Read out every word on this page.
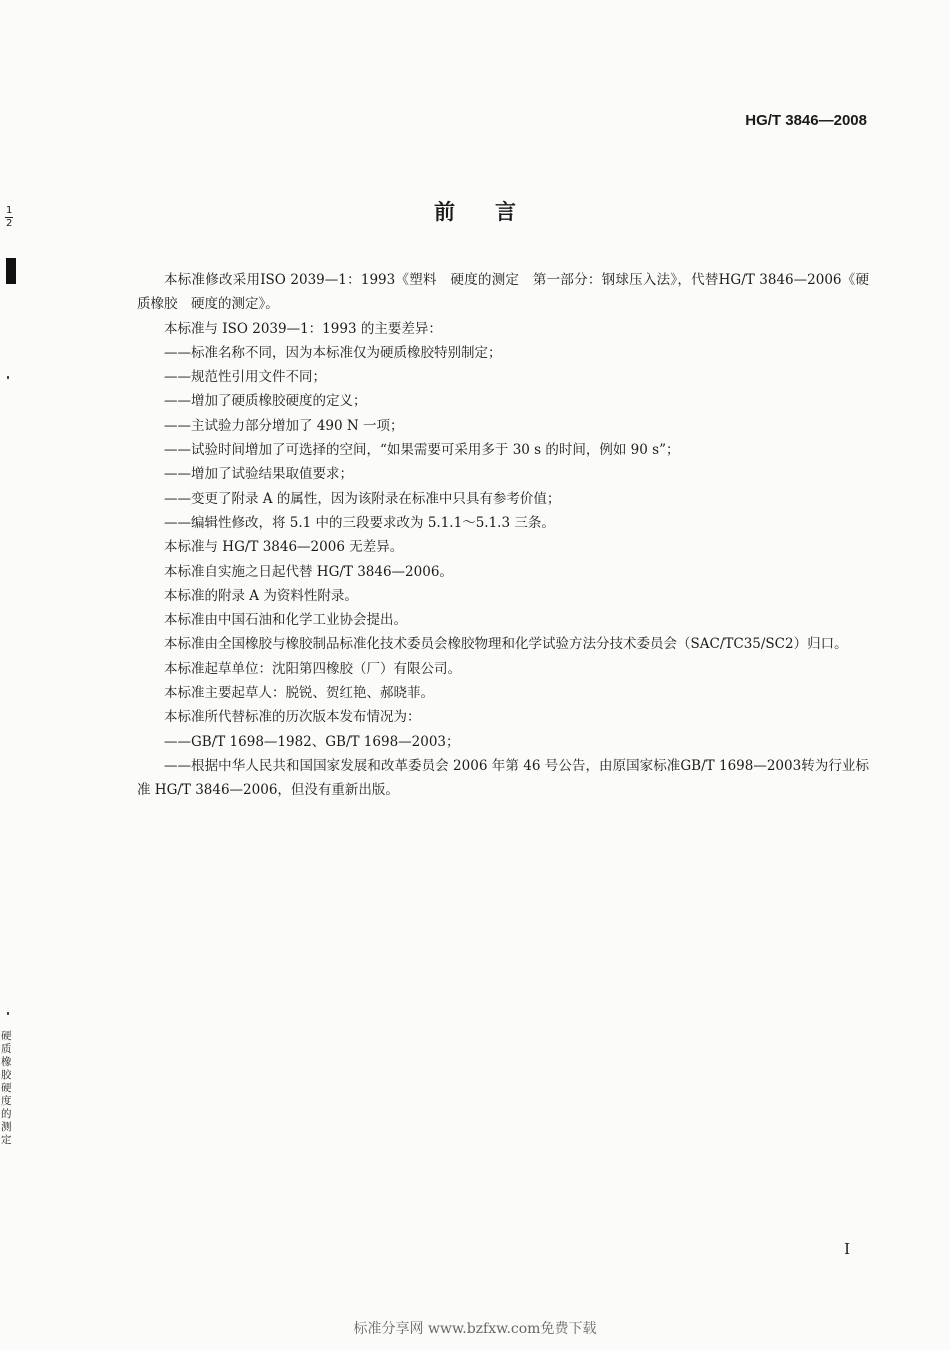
HG/T 3846—2008
$\frac{1}{2}$
硬质橡胶硬度的测定
前言

本标准修改采用ISO 2039—1：1993《塑料　硬度的测定　第一部分：钢球压入法》，代替HG/T 3846—2006《硬质橡胶　硬度的测定》。

本标准与 ISO 2039—1：1993 的主要差异：

——标准名称不同，因为本标准仅为硬质橡胶特别制定；

——规范性引用文件不同；

——增加了硬质橡胶硬度的定义；

——主试验力部分增加了 490 N 一项；

——试验时间增加了可选择的空间，“如果需要可采用多于 30 s 的时间，例如 90 s”；

——增加了试验结果取值要求；

——变更了附录 A 的属性，因为该附录在标准中只具有参考价值；

——编辑性修改，将 5.1 中的三段要求改为 5.1.1～5.1.3 三条。

本标准与 HG/T 3846—2006 无差异。

本标准自实施之日起代替 HG/T 3846—2006。

本标准的附录 A 为资料性附录。

本标准由中国石油和化学工业协会提出。

本标准由全国橡胶与橡胶制品标准化技术委员会橡胶物理和化学试验方法分技术委员会（SAC/TC35/SC2）归口。

本标准起草单位：沈阳第四橡胶（厂）有限公司。

本标准主要起草人：脱锐、贺红艳、郝晓菲。

本标准所代替标准的历次版本发布情况为：

——GB/T 1698—1982、GB/T 1698—2003；

——根据中华人民共和国国家发展和改革委员会 2006 年第 46 号公告，由原国家标准GB/T 1698—2003转为行业标准 HG/T 3846—2006，但没有重新出版。

I
标准分享网 www.bzfxw.com免费下载
